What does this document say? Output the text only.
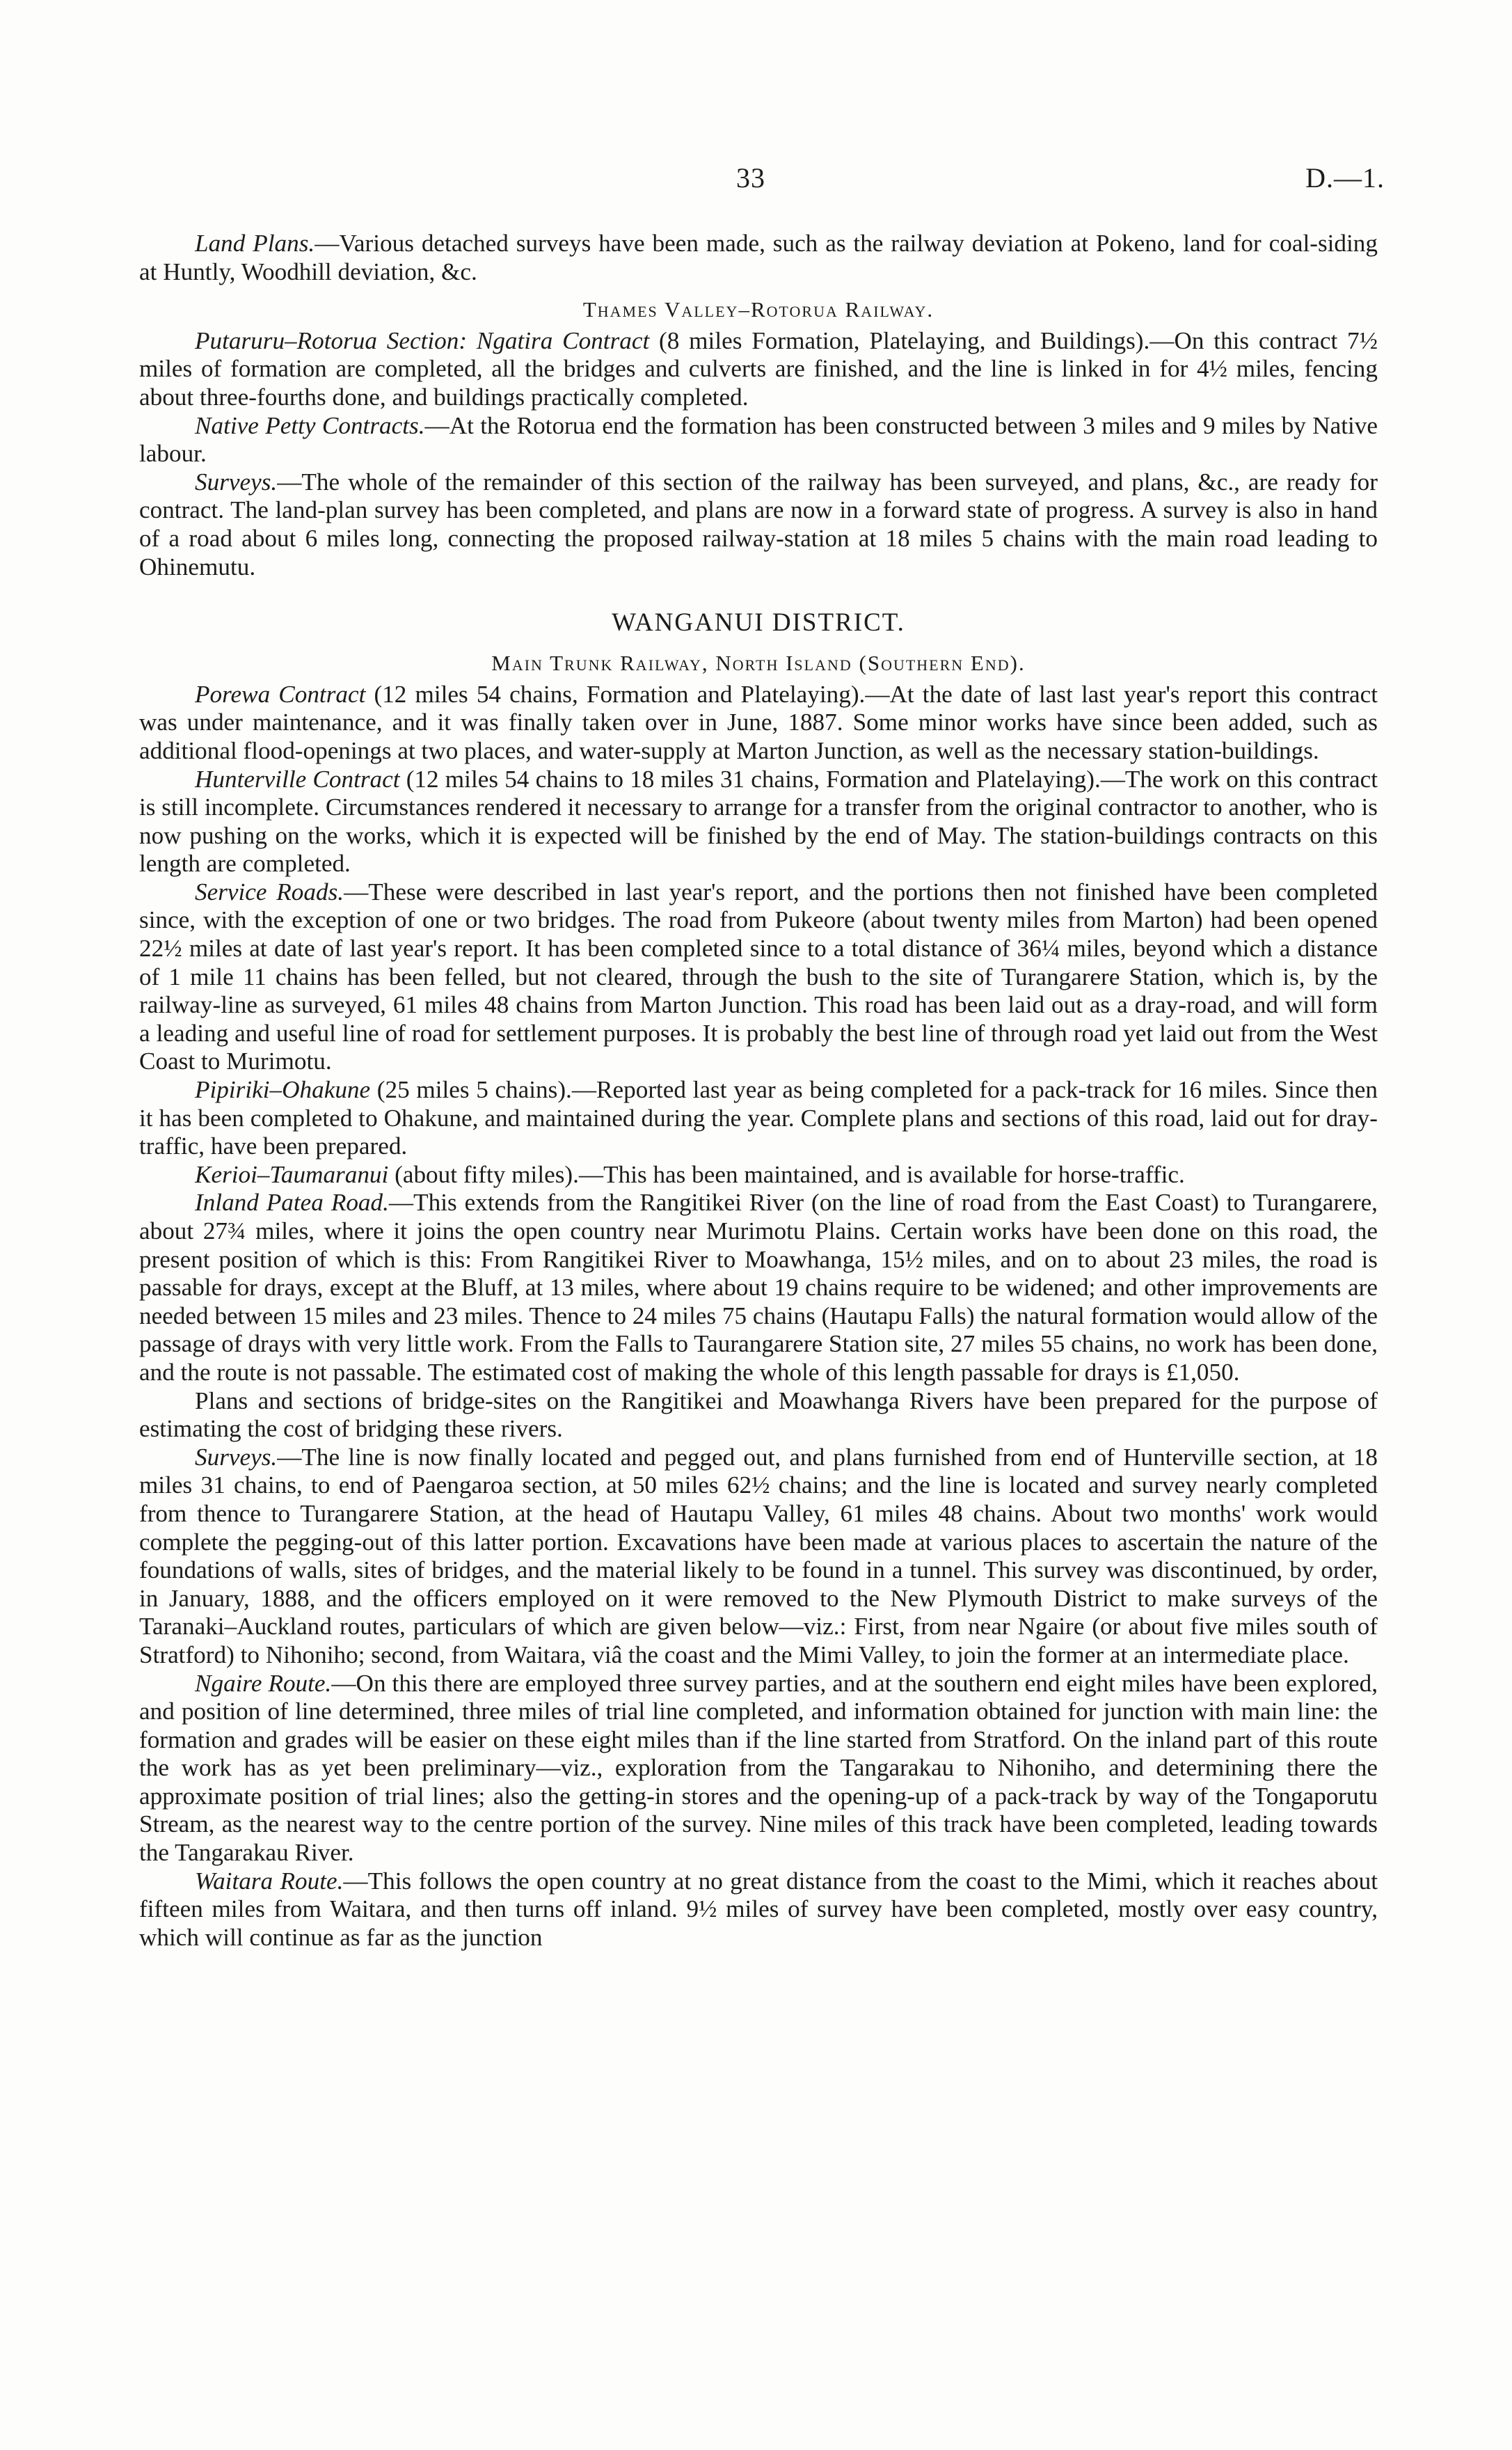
33	D.—1.

Land Plans.—Various detached surveys have been made, such as the railway deviation at Pokeno, land for coal-siding at Huntly, Woodhill deviation, &c.

Thames Valley–Rotorua Railway.

Putaruru–Rotorua Section: Ngatira Contract (8 miles Formation, Platelaying, and Buildings).—On this contract 7½ miles of formation are completed, all the bridges and culverts are finished, and the line is linked in for 4½ miles, fencing about three-fourths done, and buildings practically completed.

Native Petty Contracts.—At the Rotorua end the formation has been constructed between 3 miles and 9 miles by Native labour.

Surveys.—The whole of the remainder of this section of the railway has been surveyed, and plans, &c., are ready for contract. The land-plan survey has been completed, and plans are now in a forward state of progress. A survey is also in hand of a road about 6 miles long, connecting the proposed railway-station at 18 miles 5 chains with the main road leading to Ohinemutu.

WANGANUI DISTRICT.
Main Trunk Railway, North Island (Southern End).

Porewa Contract (12 miles 54 chains, Formation and Platelaying).—At the date of last last year's report this contract was under maintenance, and it was finally taken over in June, 1887. Some minor works have since been added, such as additional flood-openings at two places, and water-supply at Marton Junction, as well as the necessary station-buildings.

Hunterville Contract (12 miles 54 chains to 18 miles 31 chains, Formation and Platelaying).—The work on this contract is still incomplete. Circumstances rendered it necessary to arrange for a transfer from the original contractor to another, who is now pushing on the works, which it is expected will be finished by the end of May. The station-buildings contracts on this length are completed.

Service Roads.—These were described in last year's report, and the portions then not finished have been completed since, with the exception of one or two bridges. The road from Pukeore (about twenty miles from Marton) had been opened 22½ miles at date of last year's report. It has been completed since to a total distance of 36¼ miles, beyond which a distance of 1 mile 11 chains has been felled, but not cleared, through the bush to the site of Turangarere Station, which is, by the railway-line as surveyed, 61 miles 48 chains from Marton Junction. This road has been laid out as a dray-road, and will form a leading and useful line of road for settlement purposes. It is probably the best line of through road yet laid out from the West Coast to Murimotu.

Pipiriki–Ohakune (25 miles 5 chains).—Reported last year as being completed for a pack-track for 16 miles. Since then it has been completed to Ohakune, and maintained during the year. Complete plans and sections of this road, laid out for dray-traffic, have been prepared.

Kerioi–Taumaranui (about fifty miles).—This has been maintained, and is available for horse-traffic.

Inland Patea Road.—This extends from the Rangitikei River (on the line of road from the East Coast) to Turangarere, about 27¾ miles, where it joins the open country near Murimotu Plains. Certain works have been done on this road, the present position of which is this: From Rangitikei River to Moawhanga, 15½ miles, and on to about 23 miles, the road is passable for drays, except at the Bluff, at 13 miles, where about 19 chains require to be widened; and other improvements are needed between 15 miles and 23 miles. Thence to 24 miles 75 chains (Hautapu Falls) the natural formation would allow of the passage of drays with very little work. From the Falls to Taurangarere Station site, 27 miles 55 chains, no work has been done, and the route is not passable. The estimated cost of making the whole of this length passable for drays is £1,050.

Plans and sections of bridge-sites on the Rangitikei and Moawhanga Rivers have been prepared for the purpose of estimating the cost of bridging these rivers.

Surveys.—The line is now finally located and pegged out, and plans furnished from end of Hunterville section, at 18 miles 31 chains, to end of Paengaroa section, at 50 miles 62½ chains; and the line is located and survey nearly completed from thence to Turangarere Station, at the head of Hautapu Valley, 61 miles 48 chains. About two months' work would complete the pegging-out of this latter portion. Excavations have been made at various places to ascertain the nature of the foundations of walls, sites of bridges, and the material likely to be found in a tunnel. This survey was discontinued, by order, in January, 1888, and the officers employed on it were removed to the New Plymouth District to make surveys of the Taranaki–Auckland routes, particulars of which are given below—viz.: First, from near Ngaire (or about five miles south of Stratford) to Nihoniho; second, from Waitara, viâ the coast and the Mimi Valley, to join the former at an intermediate place.

Ngaire Route.—On this there are employed three survey parties, and at the southern end eight miles have been explored, and position of line determined, three miles of trial line completed, and information obtained for junction with main line: the formation and grades will be easier on these eight miles than if the line started from Stratford. On the inland part of this route the work has as yet been preliminary—viz., exploration from the Tangarakau to Nihoniho, and determining there the approximate position of trial lines; also the getting-in stores and the opening-up of a pack-track by way of the Tongaporutu Stream, as the nearest way to the centre portion of the survey. Nine miles of this track have been completed, leading towards the Tangarakau River.

Waitara Route.—This follows the open country at no great distance from the coast to the Mimi, which it reaches about fifteen miles from Waitara, and then turns off inland. 9½ miles of survey have been completed, mostly over easy country, which will continue as far as the junction
